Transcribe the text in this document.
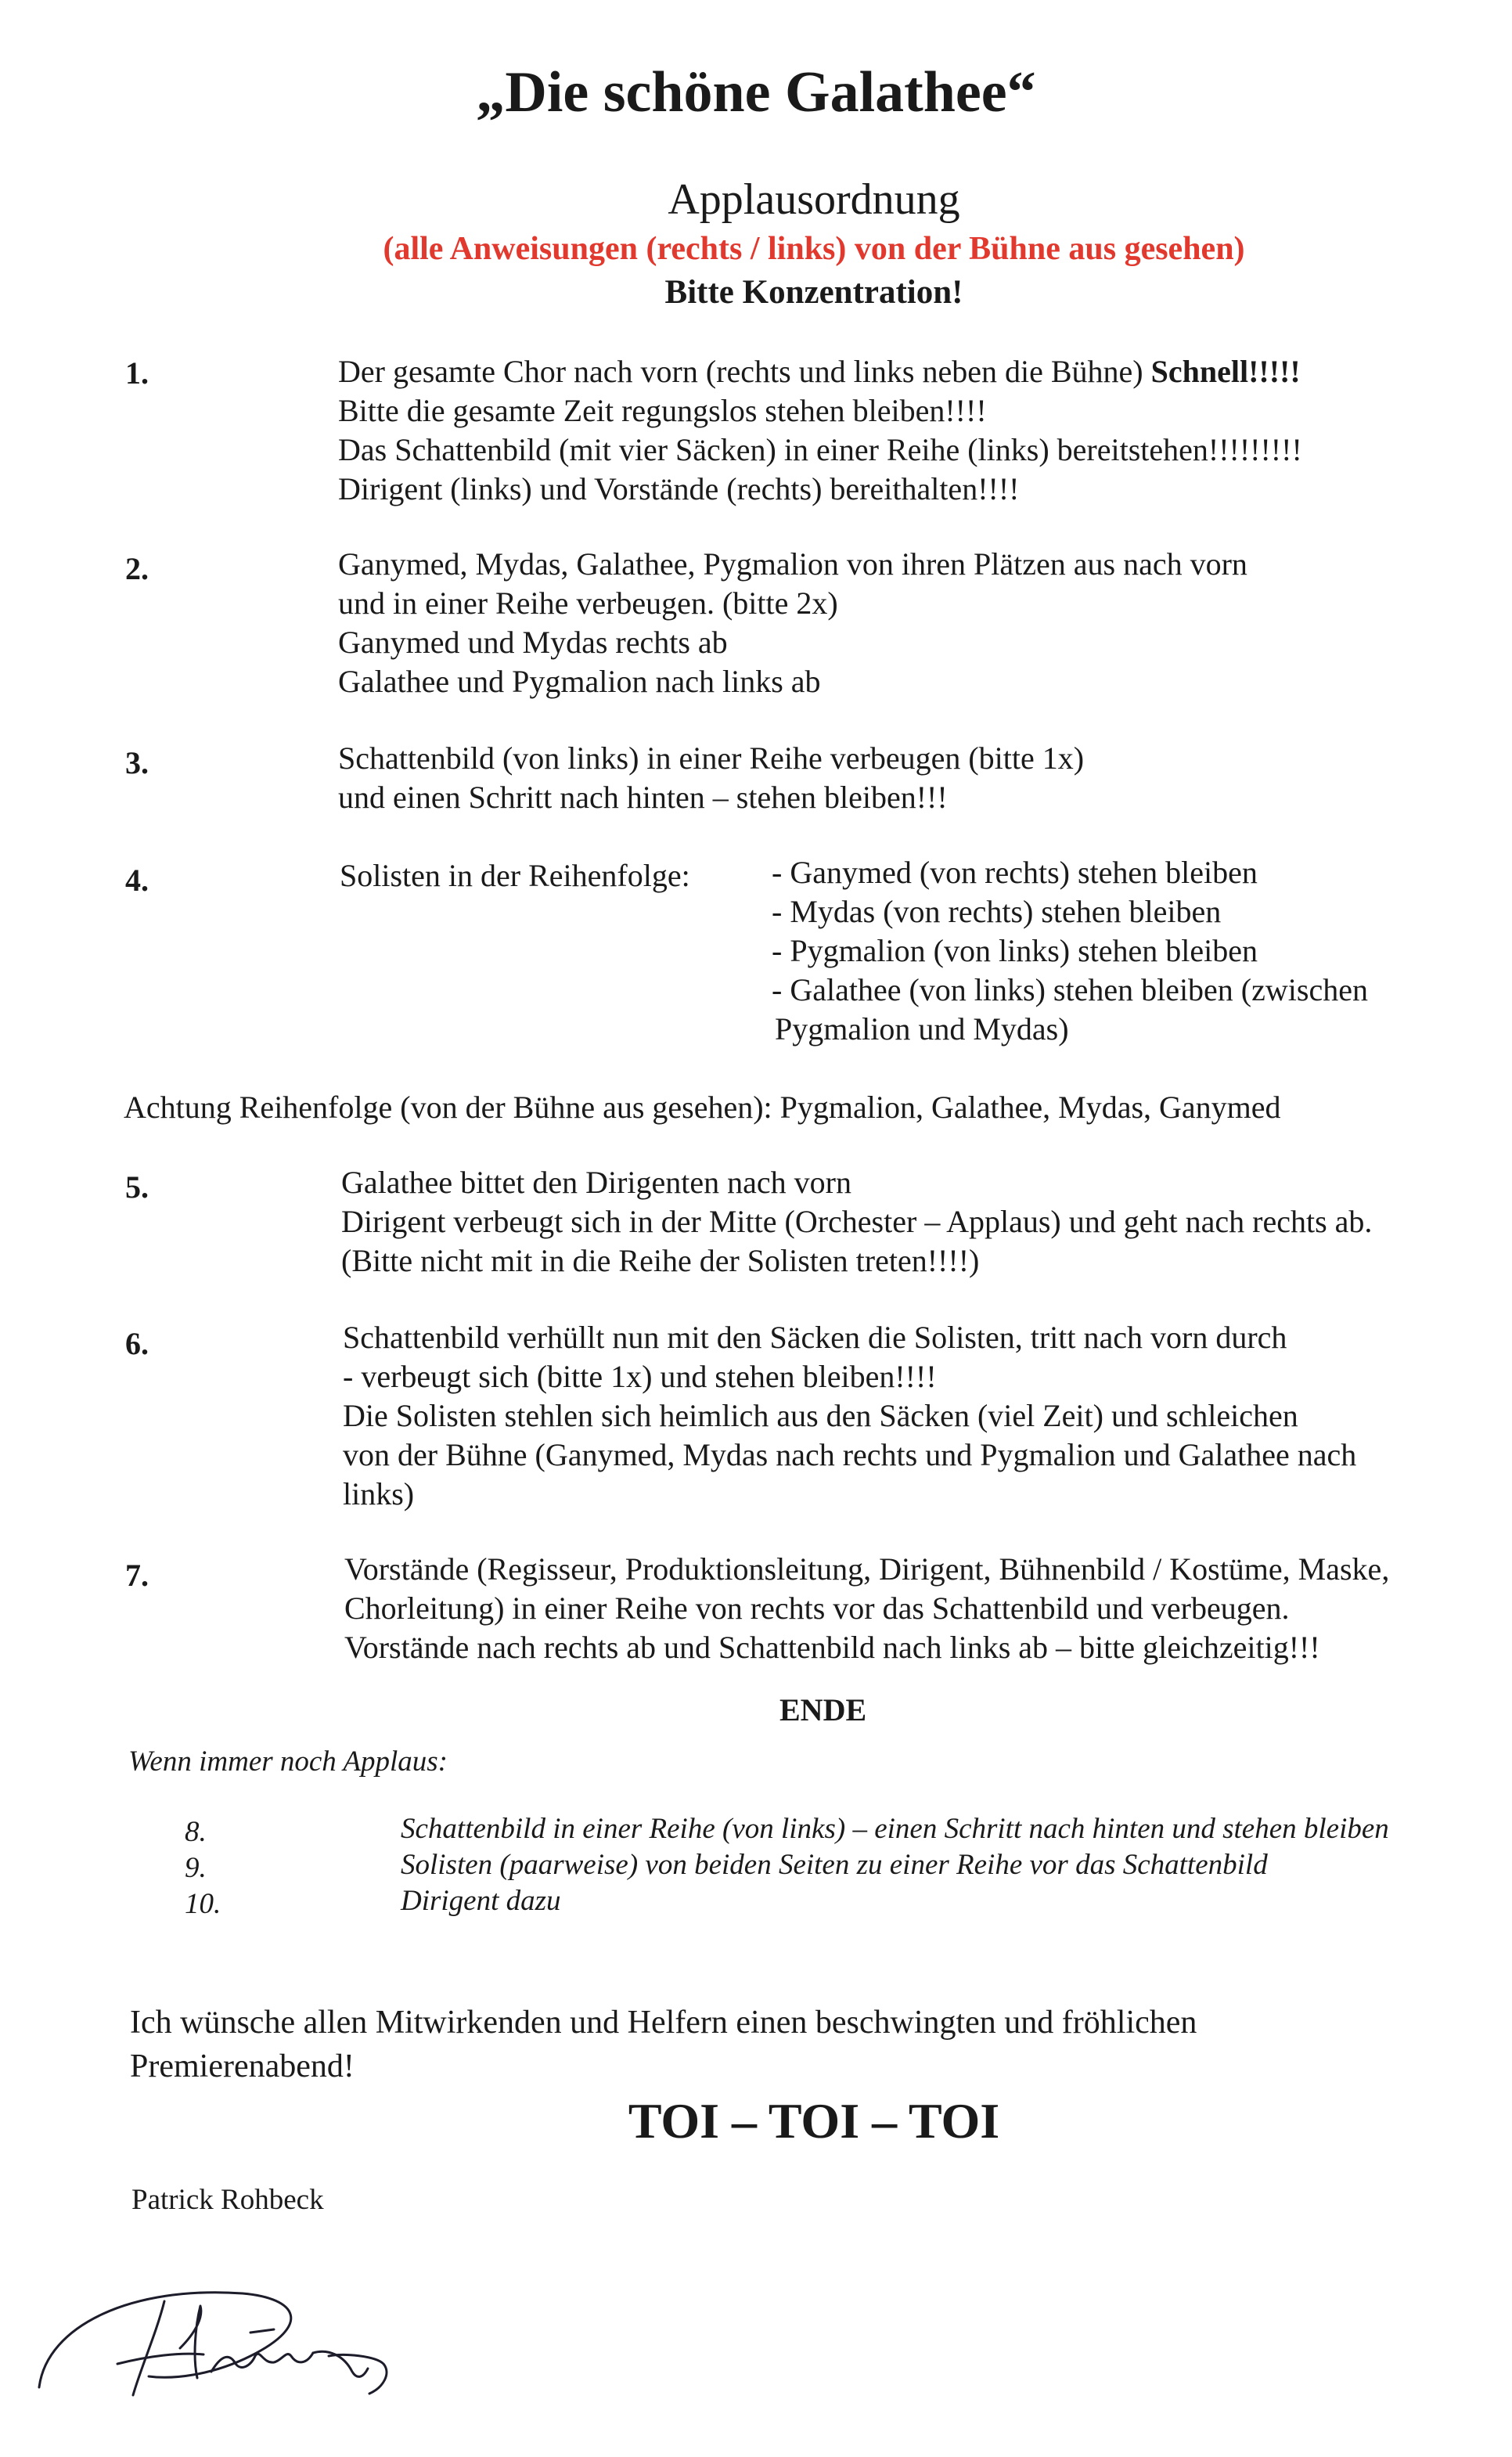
„Die schöne Galathee“
Applausordnung
(alle Anweisungen (rechts / links) von der Bühne aus gesehen)
Bitte Konzentration!
1.	Der gesamte Chor nach vorn (rechts und links neben die Bühne) Schnell!!!!!
Bitte die gesamte Zeit regungslos stehen bleiben!!!!
Das Schattenbild (mit vier Säcken) in einer Reihe (links) bereitstehen!!!!!!!!!
Dirigent (links) und Vorstände (rechts) bereithalten!!!!
2.	Ganymed, Mydas, Galathee, Pygmalion von ihren Plätzen aus nach vorn
und in einer Reihe verbeugen. (bitte 2x)
Ganymed und Mydas rechts ab
Galathee und Pygmalion nach links ab
3.	Schattenbild (von links) in einer Reihe verbeugen (bitte 1x)
und einen Schritt nach hinten – stehen bleiben!!!
4.	Solisten in der Reihenfolge:	- Ganymed (von rechts) stehen bleiben
- Mydas (von rechts) stehen bleiben
- Pygmalion (von links) stehen bleiben
- Galathee (von links) stehen bleiben (zwischen
Pygmalion und Mydas)
Achtung Reihenfolge (von der Bühne aus gesehen): Pygmalion, Galathee, Mydas, Ganymed
5.	Galathee bittet den Dirigenten nach vorn
Dirigent verbeugt sich in der Mitte (Orchester – Applaus) und geht nach rechts ab.
(Bitte nicht mit in die Reihe der Solisten treten!!!!)
6.	Schattenbild verhüllt nun mit den Säcken die Solisten, tritt nach vorn durch
- verbeugt sich (bitte 1x) und stehen bleiben!!!!
Die Solisten stehlen sich heimlich aus den Säcken (viel Zeit) und schleichen
von der Bühne (Ganymed, Mydas nach rechts und Pygmalion und Galathee nach
links)
7.	Vorstände (Regisseur, Produktionsleitung, Dirigent, Bühnenbild / Kostüme, Maske,
Chorleitung) in einer Reihe von rechts vor das Schattenbild und verbeugen.
Vorstände nach rechts ab und Schattenbild nach links ab – bitte gleichzeitig!!!
ENDE
Wenn immer noch Applaus:
8.	Schattenbild in einer Reihe (von links) – einen Schritt nach hinten und stehen bleiben
9.	Solisten (paarweise) von beiden Seiten zu einer Reihe vor das Schattenbild
10.	Dirigent dazu
Ich wünsche allen Mitwirkenden und Helfern einen beschwingten und fröhlichen
Premierenabend!
TOI – TOI – TOI
Patrick Rohbeck
